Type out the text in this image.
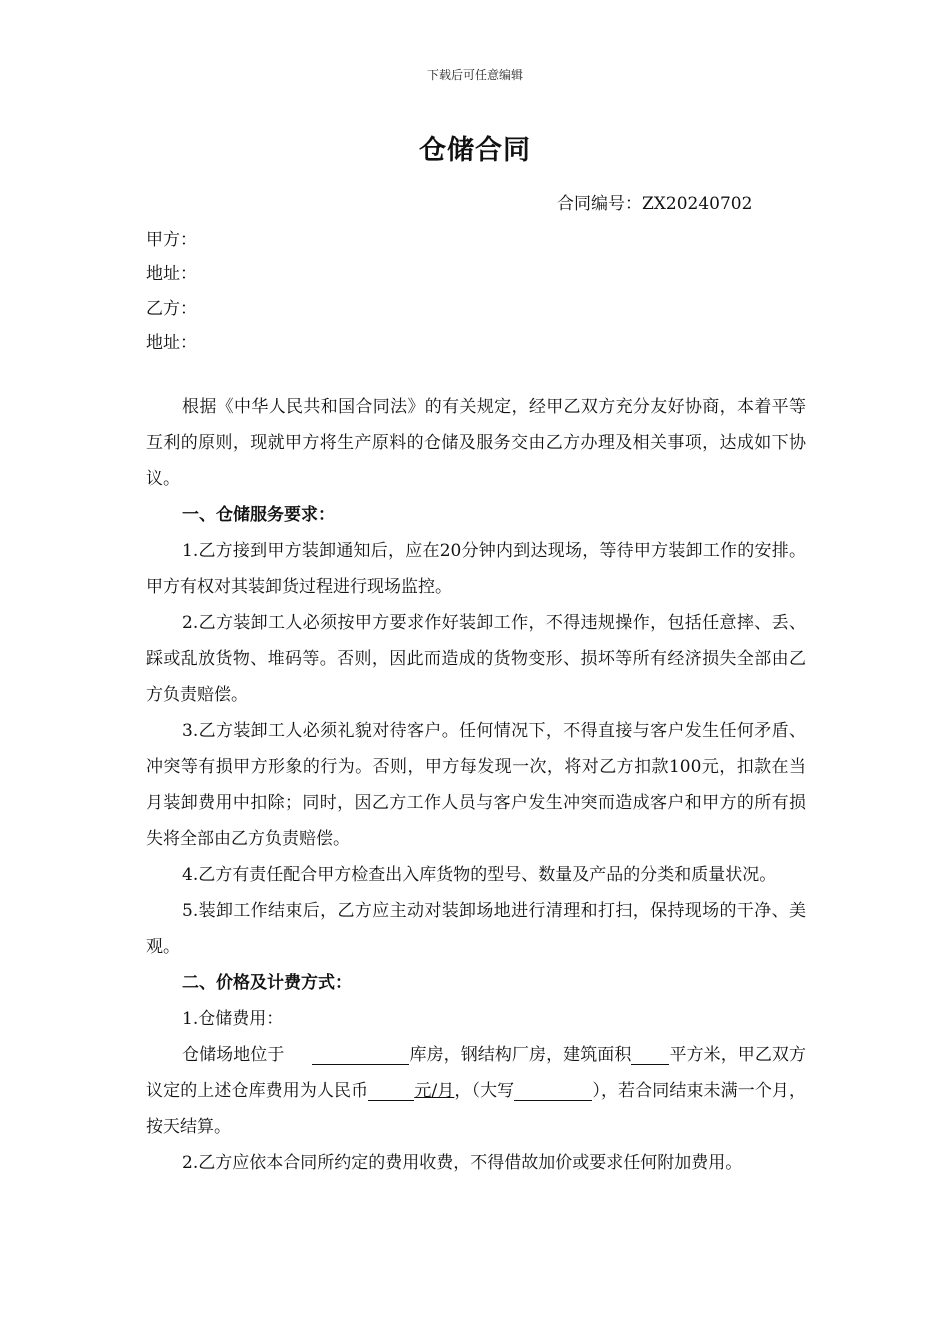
下载后可任意编辑
仓储合同
合同编号：ZX20240702
甲方：
地址：
乙方：
地址：

根据《中华人民共和国合同法》的有关规定，经甲乙双方充分友好协商，本着平等互利的原则，现就甲方将生产原料的仓储及服务交由乙方办理及相关事项，达成如下协议。

一、仓储服务要求：

1.乙方接到甲方装卸通知后，应在20分钟内到达现场，等待甲方装卸工作的安排。甲方有权对其装卸货过程进行现场监控。

2.乙方装卸工人必须按甲方要求作好装卸工作，不得违规操作，包括任意摔、丢、踩或乱放货物、堆码等。否则，因此而造成的货物变形、损坏等所有经济损失全部由乙方负责赔偿。

3.乙方装卸工人必须礼貌对待客户。任何情况下，不得直接与客户发生任何矛盾、冲突等有损甲方形象的行为。否则，甲方每发现一次，将对乙方扣款100元，扣款在当月装卸费用中扣除；同时，因乙方工作人员与客户发生冲突而造成客户和甲方的所有损失将全部由乙方负责赔偿。

4.乙方有责任配合甲方检查出入库货物的型号、数量及产品的分类和质量状况。

5.装卸工作结束后，乙方应主动对装卸场地进行清理和打扫，保持现场的干净、美观。

二、价格及计费方式：

1.仓储费用：

仓储场地位于	库房，钢结构厂房，建筑面积 平方米，甲乙双方议定的上述仓库费用为人民币	元/月，（大写	），若合同结束未满一个月，按天结算。

2.乙方应依本合同所约定的费用收费，不得借故加价或要求任何附加费用。
